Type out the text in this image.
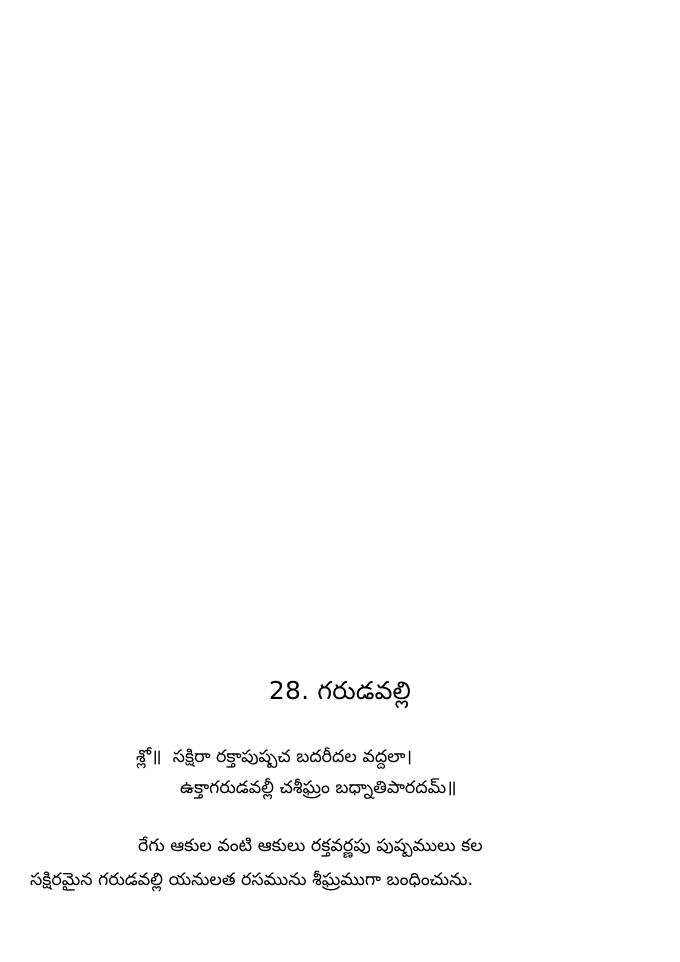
28. గరుడవల్లి
శ్లో॥  సక్షిరా రక్తాపుష్పచ బదరీదల వద్దలా।
ఉక్తాగరుడవల్లీ చశీఘ్రం బధ్నాతిపారదమ్॥
రేగు ఆకుల వంటి ఆకులు రక్తవర్ణపు పుష్పములు కల
సక్షిరమైన గరుడవల్లి యనులత రసమును శీఘ్రముగా బంధించును.
